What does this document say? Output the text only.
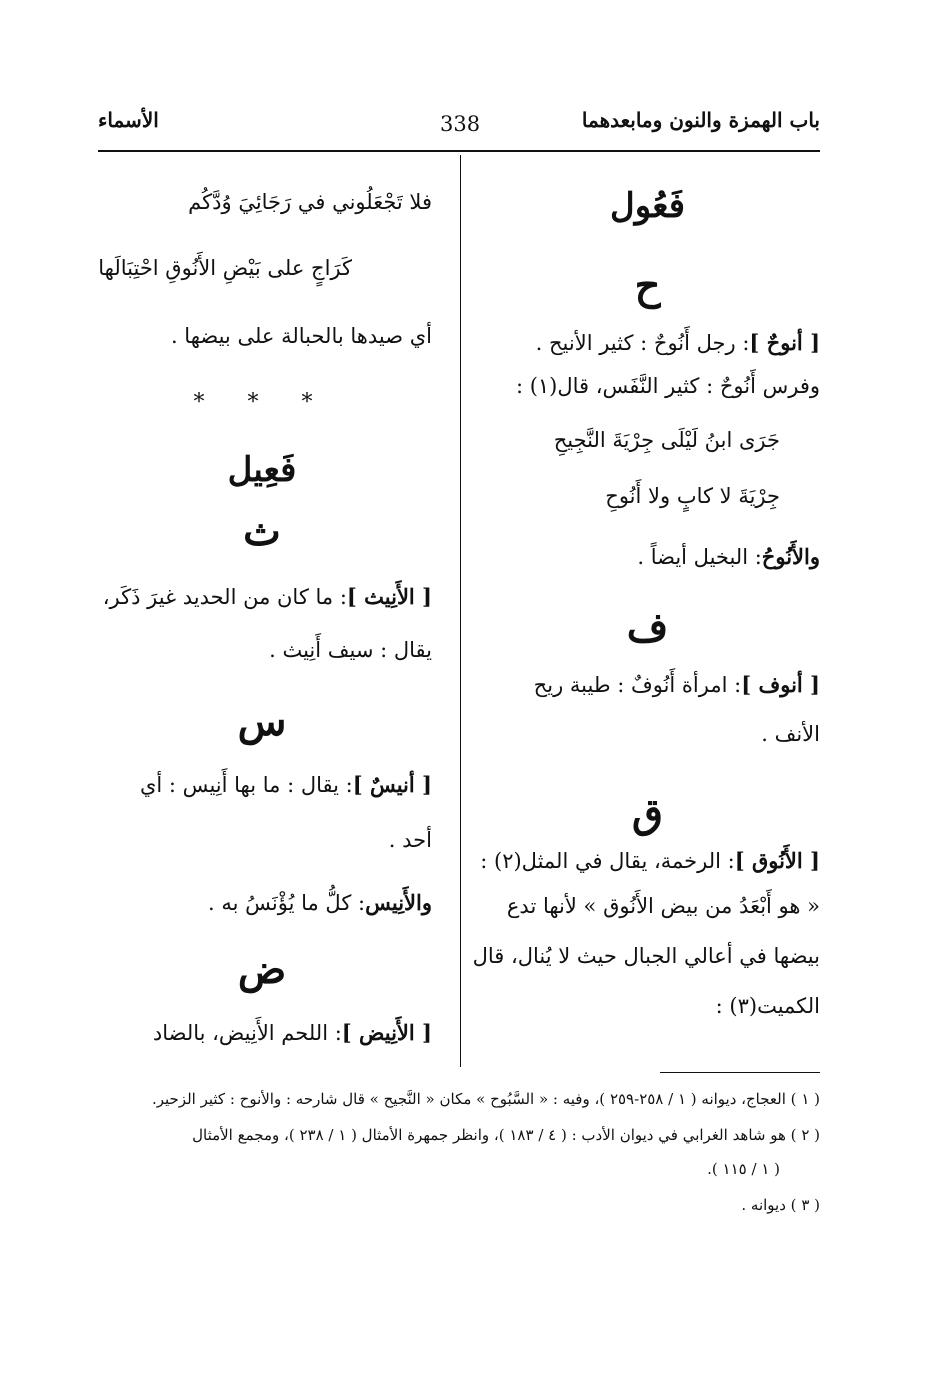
باب الهمزة والنون ومابعدهما
338
الأسماء
فَعُول
ح
[ أنوحٌ ]: رجل أَنُوحٌ : كثير الأنيح .
وفرس أَنُوحٌ : كثير النَّفَس، قال(١) :
جَرَى ابنُ لَيْلَى جِرْيَةَ النَّجِيحِ
جِرْيَةَ لا كابٍ ولا أَنُوحِ
والأَنُوحُ: البخيل أيضاً .
ف
[ أنوف ]: امرأة أَنُوفٌ : طيبة ريح
الأنف .
ق
[ الأَنُوق ]: الرخمة، يقال في المثل(٢) :
« هو أَبْعَدُ من بيض الأَنُوق » لأنها تدع
بيضها في أعالي الجبال حيث لا يُنال، قال
الكميت(٣) :
فلا تَجْعَلُوني في رَجَائِيَ وُدَّكُم
كَرَاجٍ على بَيْضِ الأَنُوقِ احْتِبَالَها
أي صيدها بالحبالة على بيضها .
* * *
فَعِيل
ث
[ الأَنِيث ]: ما كان من الحديد غيرَ ذَكَر،
يقال : سيف أَنِيث .
س
[ أنيسٌ ]: يقال : ما بها أَنِيس : أي
أحد .
والأَنِيس: كلُّ ما يُؤْنَسُ به .
ض
[ الأَنِيض ]: اللحم الأَنِيض، بالضاد
( ١ ) العجاج، ديوانه ( ١ / ٢٥٨-٢٥٩ )، وفيه : « السَّبُوح » مكان « النَّجيح » قال شارحه : والأنوح : كثير الزحير.
( ٢ ) هو شاهد الغرابي في ديوان الأدب : ( ٤ / ١٨٣ )، وانظر جمهرة الأمثال ( ١ / ٢٣٨ )، ومجمع الأمثال
( ١ / ١١٥ ).
( ٣ ) ديوانه .
